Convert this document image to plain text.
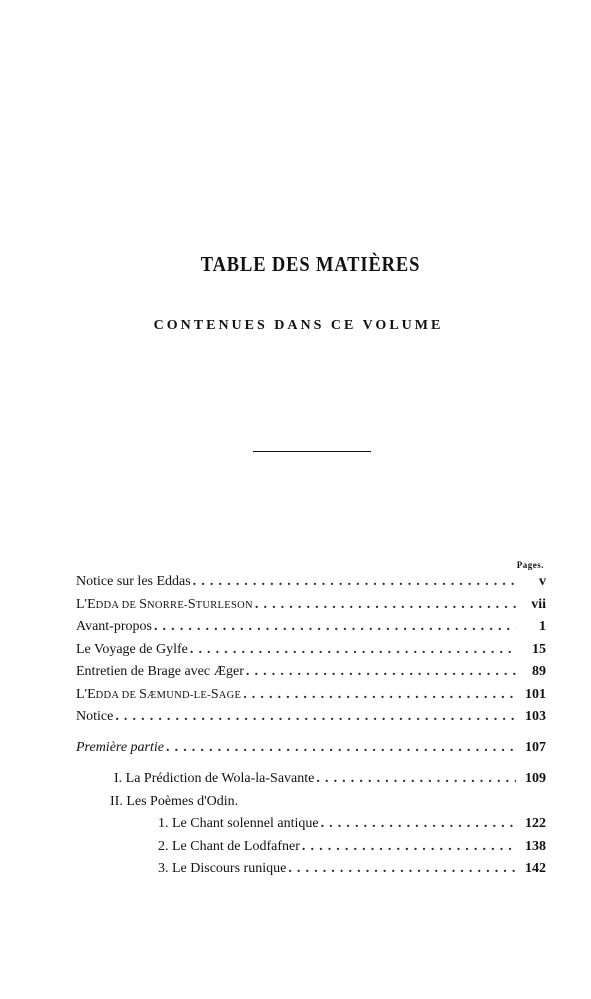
TABLE DES MATIÈRES
CONTENUES DANS CE VOLUME
Pages.
Notice sur les Eddas . . .	v
L'EDDA DE SNORRE-STURLESON . . .	vii
Avant-propos . . .	1
Le Voyage de Gylfe . . .	15
Entretien de Brage avec Æger . . .	89
L'EDDA DE SÆMUND-LE-SAGE . . .	101
Notice . . .	103
Première partie . . .	107
I. La Prédiction de Wola-la-Savante . . .	109
II. Les Poèmes d'Odin.
1. Le Chant solennel antique . . .	122
2. Le Chant de Lodfafner . . .	138
3. Le Discours runique . . .	142
